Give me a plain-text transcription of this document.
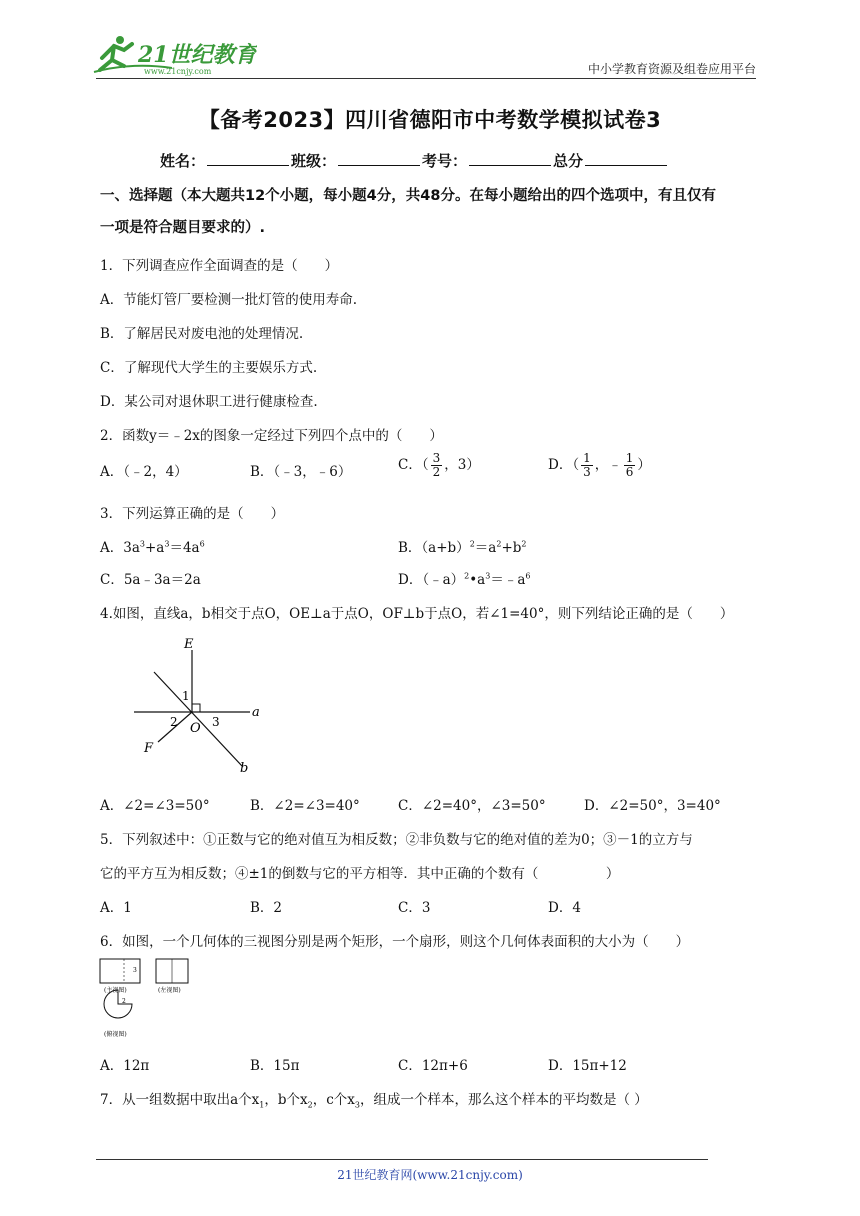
21世纪教育
www.21cnjy.com	中小学教育资源及组卷应用平台
【备考2023】四川省德阳市中考数学模拟试卷3
姓名：	班级：	考号：	总分
一、选择题（本大题共12个小题，每小题4分，共48分。在每小题给出的四个选项中，有且仅有
一项是符合题目要求的）.
1．下列调查应作全面调查的是（　　）
A．节能灯管厂要检测一批灯管的使用寿命.
B．了解居民对废电池的处理情况.
C．了解现代大学生的主要娱乐方式.
D．某公司对退休职工进行健康检查.
2．函数y＝﹣2x的图象一定经过下列四个点中的（　　）
A．（﹣2，4）	B．（﹣3，﹣6）	C．（ $\frac{3}{2}$ ，3）	D．（ $\frac{1}{3}$ ，﹣ $\frac{1}{6}$ ）
3．下列运算正确的是（　　）
A．$3a^3+a^3=4a^6$	B．$(a+b)^2=a^2+b^2$
C．5a﹣3a＝2a	D．$(﹣a)^2•a^3=﹣a^6$
4.如图，直线a，b相交于点O，OE⊥a于点O，OF⊥b于点O，若∠1=40°，则下列结论正确的是（　　）
E
F
a
b
O
1
2	3
A．∠2=∠3=50°	B．∠2=∠3=40°	C．∠2=40°，∠3=50°	D．∠2=50°，3=40°
5．下列叙述中：①正数与它的绝对值互为相反数；②非负数与它的绝对值的差为0；③－1的立方与
它的平方互为相反数；④±1的倒数与它的平方相等．其中正确的个数有（　　　　　）
A．1	B．2	C．3	D．4
6．如图，一个几何体的三视图分别是两个矩形，一个扇形，则这个几何体表面积的大小为（　　）
3
(主视图)	(左视图)
2
(俯视图)
A．12π	B．15π	C．12π+6	D．15π+12
7．从一组数据中取出a个$x_1$，b个$x_2$，c个$x_3$，组成一个样本，那么这个样本的平均数是（ ）
21世纪教育网(www.21cnjy.com)
